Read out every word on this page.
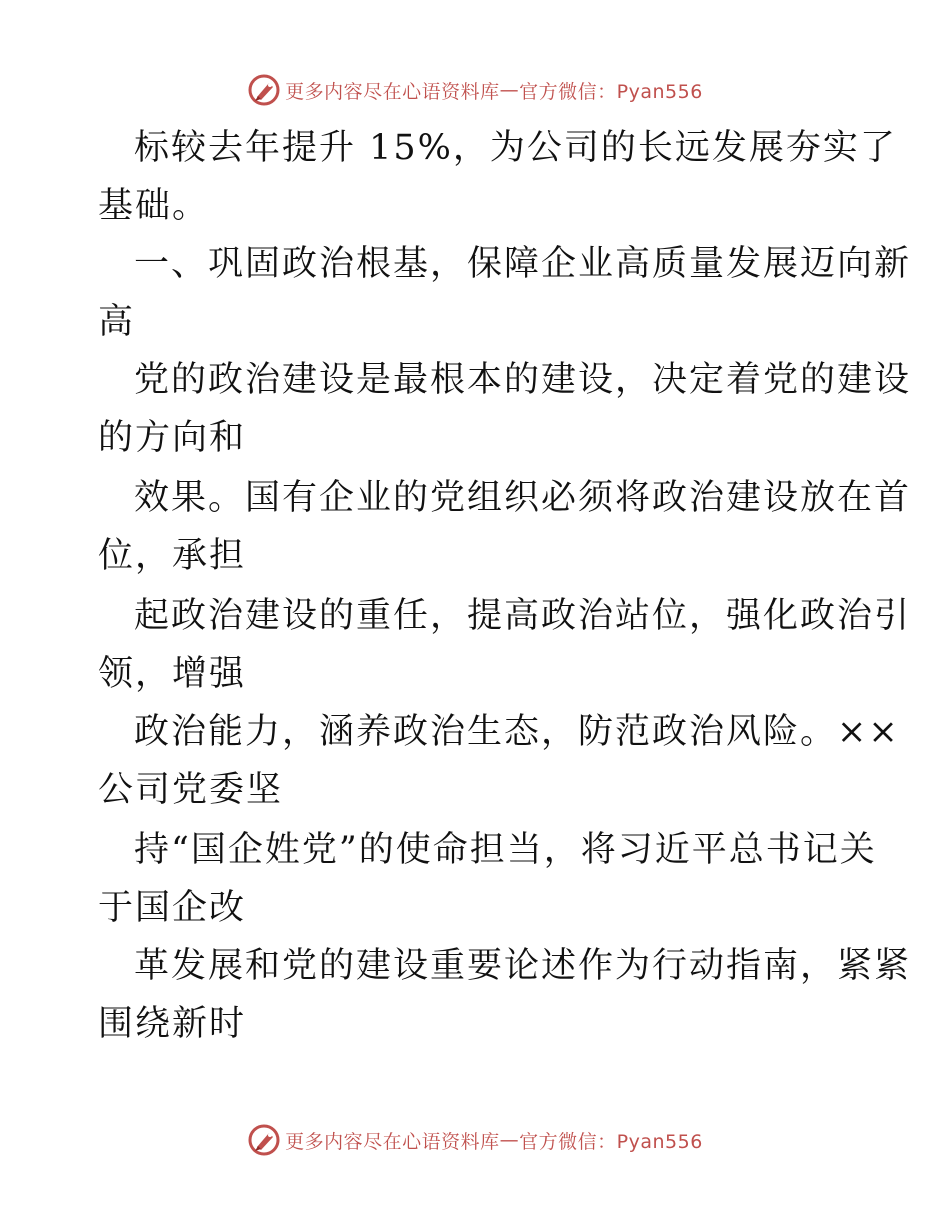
更多内容尽在心语资料库 — 官方微信：Pyan556
标较去年提升 15%，为公司的长远发展夯实了
基础。
一、巩固政治根基，保障企业高质量发展迈向新
高
党的政治建设是最根本的建设，决定着党的建设
的方向和
效果。国有企业的党组织必须将政治建设放在首
位，承担
起政治建设的重任，提高政治站位，强化政治引
领，增强
政治能力，涵养政治生态，防范政治风险。××
公司党委坚
持“国企姓党”的使命担当，将习近平总书记关
于国企改
革发展和党的建设重要论述作为行动指南，紧紧
围绕新时
更多内容尽在心语资料库 — 官方微信：Pyan556
